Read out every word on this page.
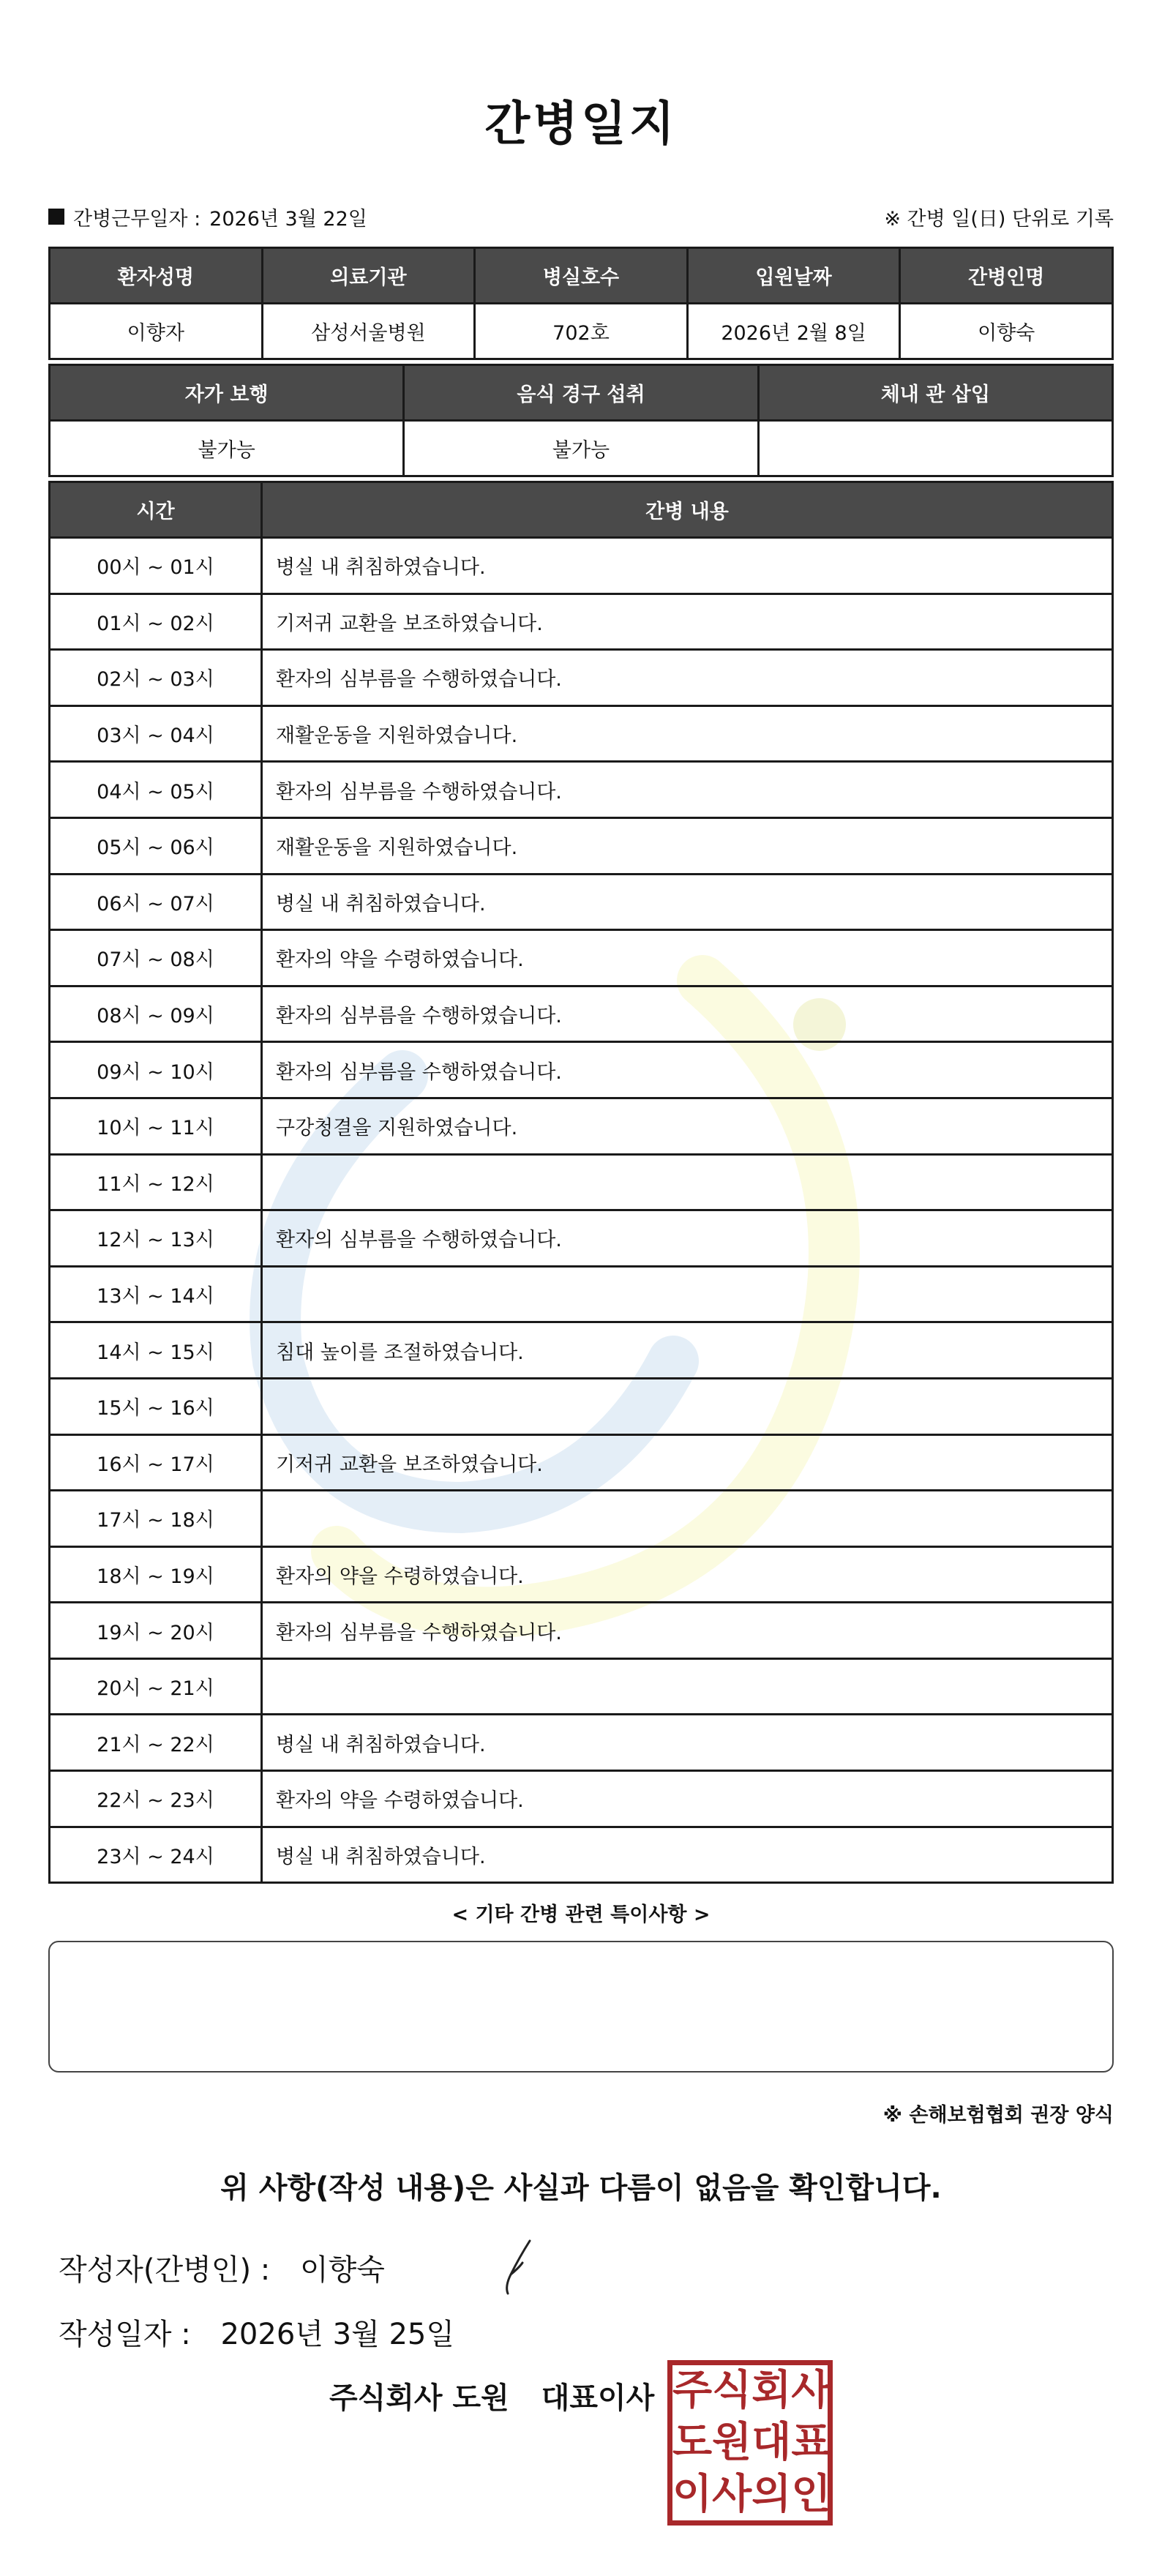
간병일지
간병근무일자 : 2026년 3월 22일	※ 간병 일(日) 단위로 기록
환자성명	의료기관	병실호수	입원날짜	간병인명
이향자	삼성서울병원	702호	2026년 2월 8일	이향숙
자가 보행	음식 경구 섭취	체내 관 삽입
불가능	불가능	
시간	간병 내용
00시 ~ 01시	병실 내 취침하였습니다.
01시 ~ 02시	기저귀 교환을 보조하였습니다.
02시 ~ 03시	환자의 심부름을 수행하였습니다.
03시 ~ 04시	재활운동을 지원하였습니다.
04시 ~ 05시	환자의 심부름을 수행하였습니다.
05시 ~ 06시	재활운동을 지원하였습니다.
06시 ~ 07시	병실 내 취침하였습니다.
07시 ~ 08시	환자의 약을 수령하였습니다.
08시 ~ 09시	환자의 심부름을 수행하였습니다.
09시 ~ 10시	환자의 심부름을 수행하였습니다.
10시 ~ 11시	구강청결을 지원하였습니다.
11시 ~ 12시	
12시 ~ 13시	환자의 심부름을 수행하였습니다.
13시 ~ 14시	
14시 ~ 15시	침대 높이를 조절하였습니다.
15시 ~ 16시	
16시 ~ 17시	기저귀 교환을 보조하였습니다.
17시 ~ 18시	
18시 ~ 19시	환자의 약을 수령하였습니다.
19시 ~ 20시	환자의 심부름을 수행하였습니다.
20시 ~ 21시	
21시 ~ 22시	병실 내 취침하였습니다.
22시 ~ 23시	환자의 약을 수령하였습니다.
23시 ~ 24시	병실 내 취침하였습니다.
< 기타 간병 관련 특이사항 >
※ 손해보험협회 권장 양식
위 사항(작성 내용)은 사실과 다름이 없음을 확인합니다.
작성자(간병인) : 이향숙
작성일자 : 2026년 3월 25일
주식회사 도원 대표이사 주 식 회 사
도 원 대 표
이 사 의 인
